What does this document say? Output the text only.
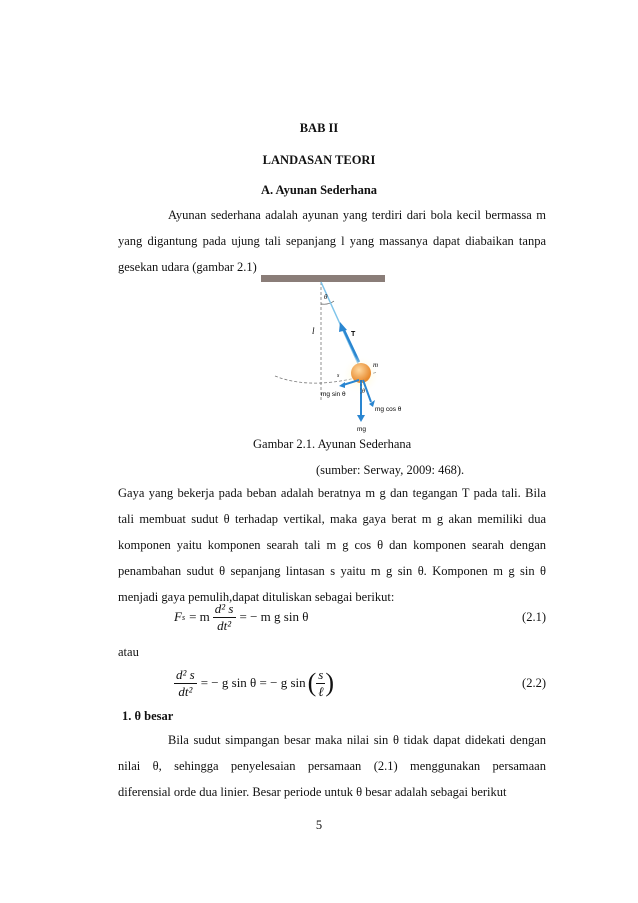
BAB II
LANDASAN TEORI
A. Ayunan Sederhana
Ayunan sederhana adalah ayunan yang terdiri dari bola kecil bermassa m
yang digantung pada ujung tali sepanjang l yang massanya dapat diabaikan tanpa
gesekan udara (gambar 2.1)
θ
l	T
m
s
mg sin θ	θ
mg cos θ
mg
Gambar 2.1. Ayunan Sederhana
(sumber: Serway, 2009: 468).
Gaya yang bekerja pada beban adalah beratnya m g dan tegangan T pada tali. Bila
tali membuat sudut θ terhadap vertikal, maka gaya berat m g akan memiliki dua
komponen yaitu komponen searah tali m g cos θ dan komponen searah dengan
penambahan sudut θ sepanjang lintasan s yaitu m g sin θ. Komponen m g sin θ
menjadi gaya pemulih,dapat dituliskan sebagai berikut:
F s = m $\frac{\text{d² s}}{\text{dt²}}$ = − m g sin θ	(2.1)
atau
$\frac{\text{d² s}}{\text{dt²}}$ = − g sin θ = − g sin ( $\frac{s}{\text{ℓ}}$ )	(2.2)
1. θ besar
Bila sudut simpangan besar maka nilai sin θ tidak dapat didekati dengan
nilai θ, sehingga penyelesaian persamaan (2.1) menggunakan persamaan
diferensial orde dua linier. Besar periode untuk θ besar adalah sebagai berikut
5
